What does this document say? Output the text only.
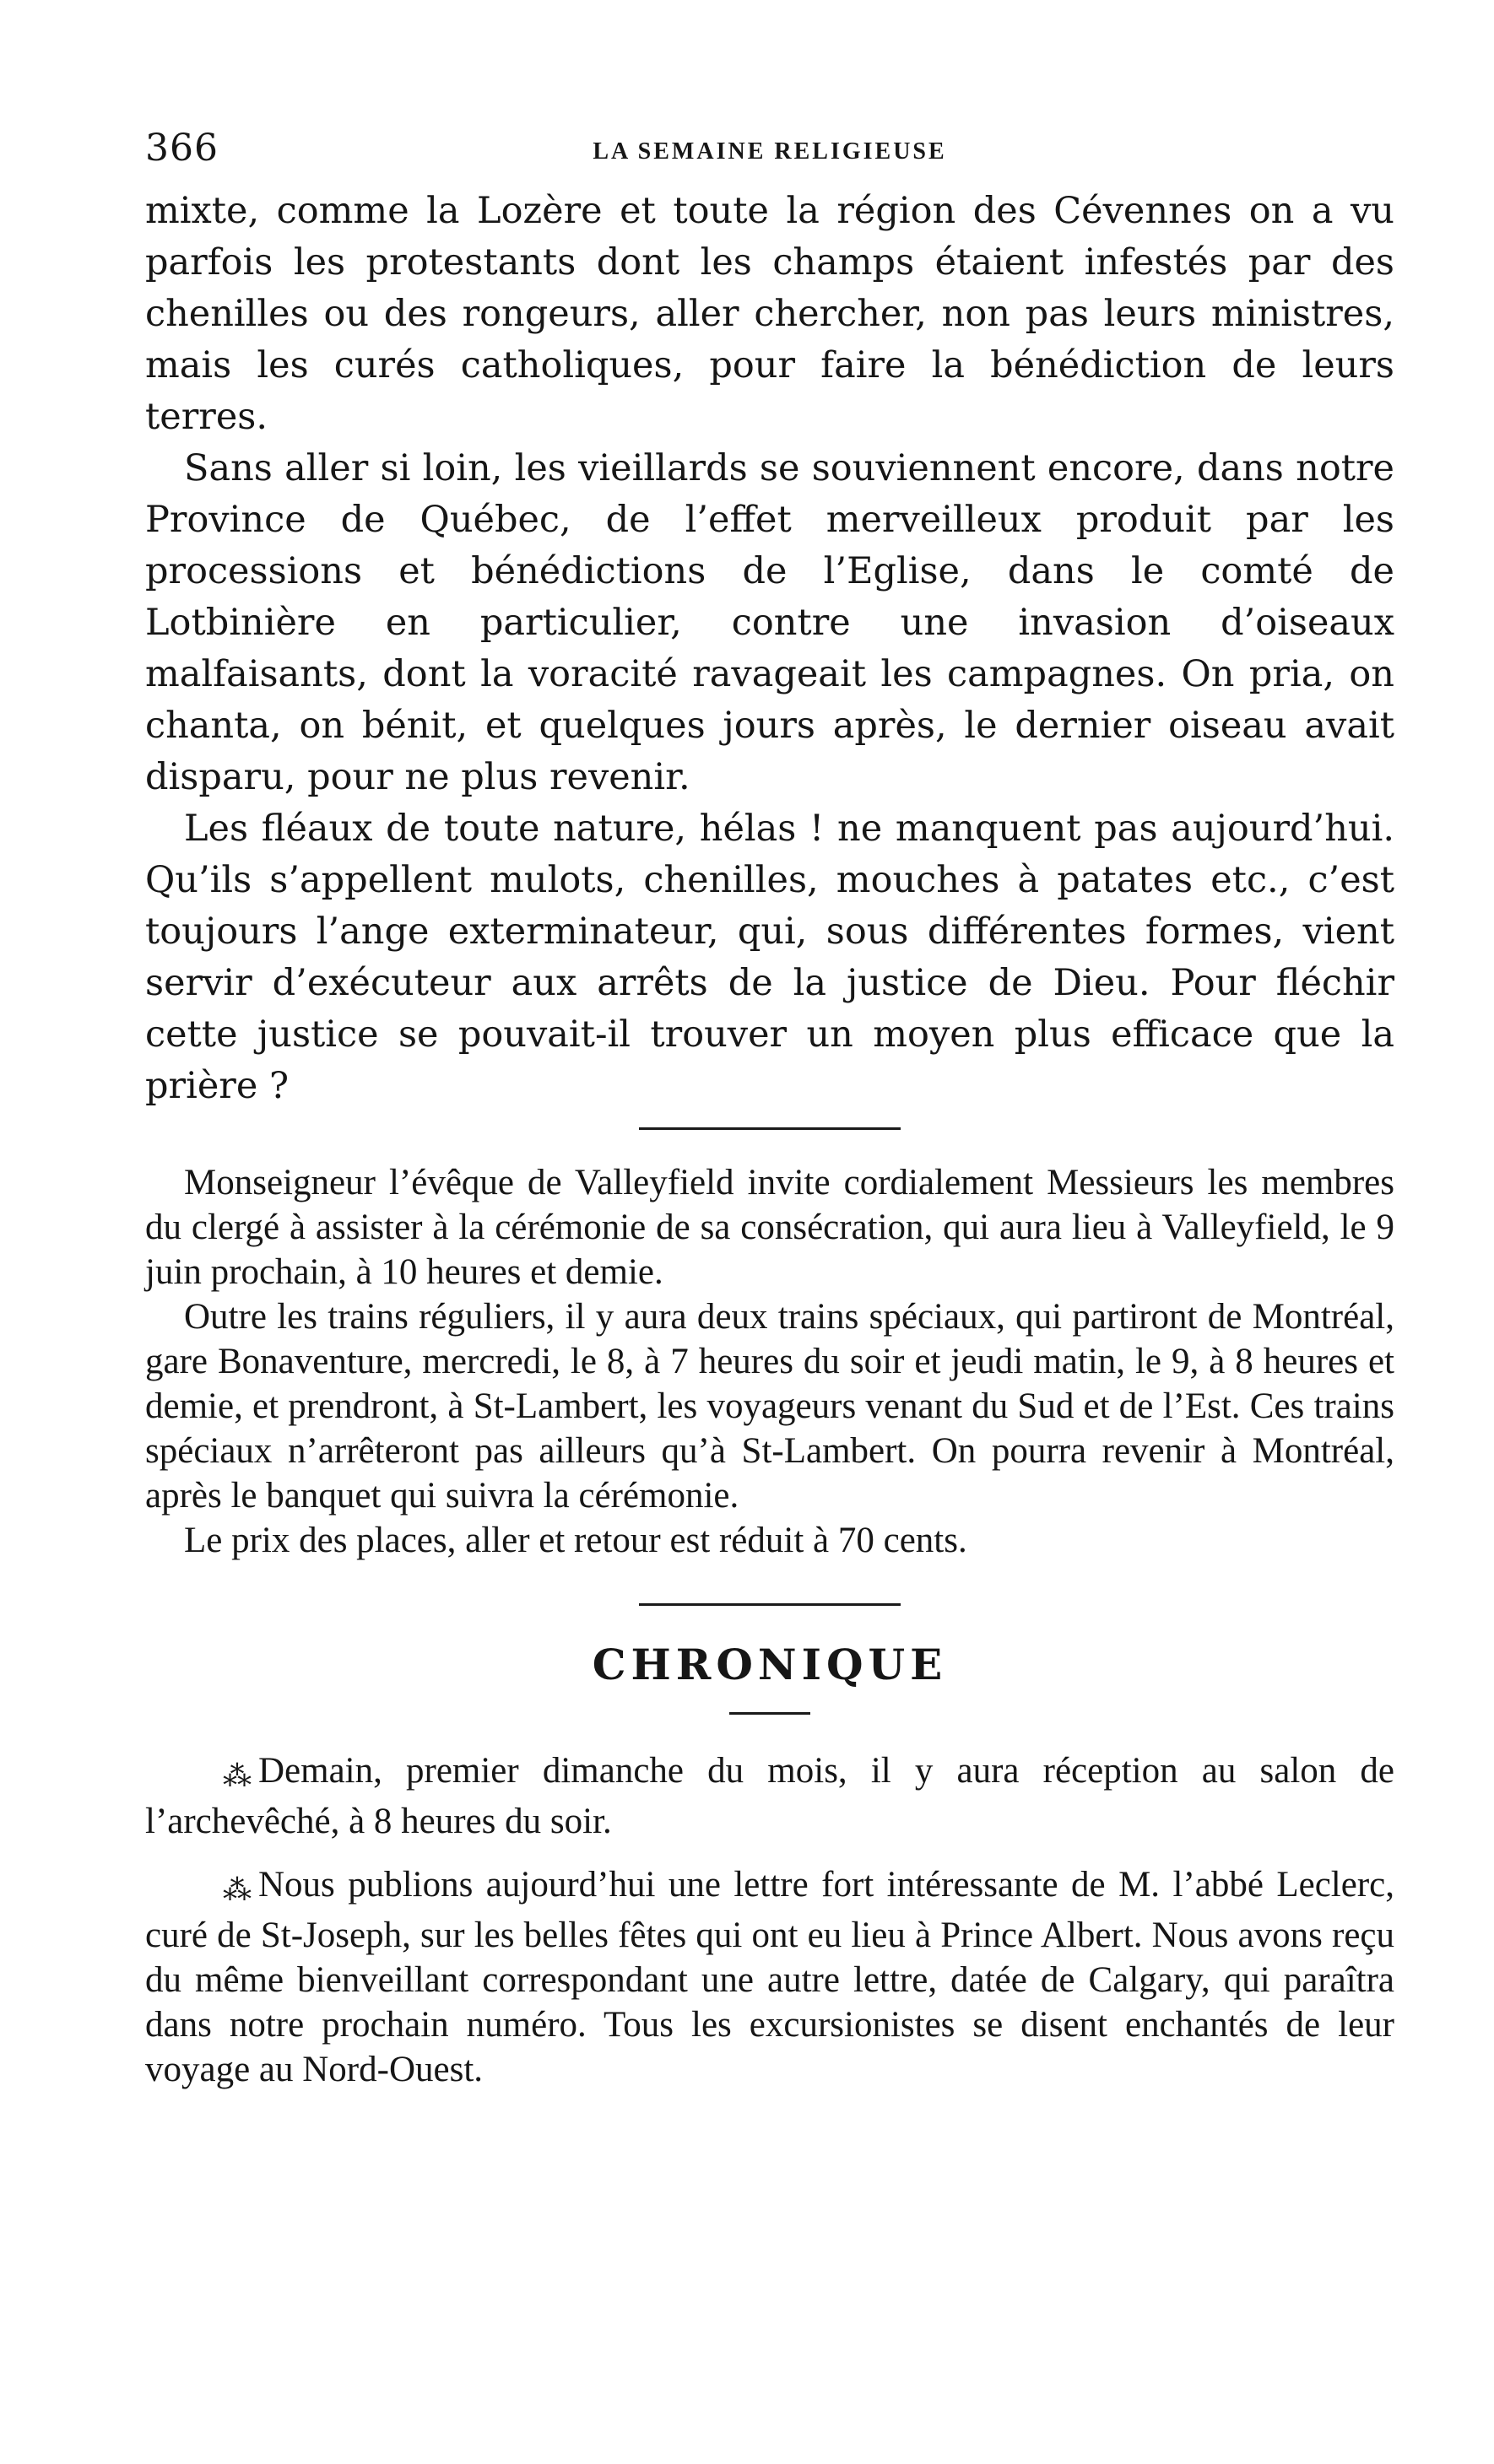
366	LA SEMAINE RELIGIEUSE

mixte, comme la Lozère et toute la région des Cévennes on a vu parfois les protestants dont les champs étaient infestés par des chenilles ou des rongeurs, aller chercher, non pas leurs ministres, mais les curés catholiques, pour faire la bénédiction de leurs terres.

Sans aller si loin, les vieillards se souviennent encore, dans notre Province de Québec, de l’effet merveilleux produit par les processions et bénédictions de l’Eglise, dans le comté de Lotbinière en particulier, contre une invasion d’oiseaux malfaisants, dont la voracité ravageait les campagnes. On pria, on chanta, on bénit, et quelques jours après, le dernier oiseau avait disparu, pour ne plus revenir.

Les fléaux de toute nature, hélas ! ne manquent pas aujourd’hui. Qu’ils s’appellent mulots, chenilles, mouches à patates etc., c’est toujours l’ange exterminateur, qui, sous différentes formes, vient servir d’exécuteur aux arrêts de la justice de Dieu. Pour fléchir cette justice se pouvait-il trouver un moyen plus efficace que la prière ?

Monseigneur l’évêque de Valleyfield invite cordialement Messieurs les membres du clergé à assister à la cérémonie de sa consécration, qui aura lieu à Valleyfield, le 9 juin prochain, à 10 heures et demie.

Outre les trains réguliers, il y aura deux trains spéciaux, qui partiront de Montréal, gare Bonaventure, mercredi, le 8, à 7 heures du soir et jeudi matin, le 9, à 8 heures et demie, et prendront, à St-Lambert, les voyageurs venant du Sud et de l’Est. Ces trains spéciaux n’arrêteront pas ailleurs qu’à St-Lambert. On pourra revenir à Montréal, après le banquet qui suivra la cérémonie.

Le prix des places, aller et retour est réduit à 70 cents.

CHRONIQUE

⁂ Demain, premier dimanche du mois, il y aura réception au salon de l’archevêché, à 8 heures du soir.

⁂ Nous publions aujourd’hui une lettre fort intéressante de M. l’abbé Leclerc, curé de St-Joseph, sur les belles fêtes qui ont eu lieu à Prince Albert. Nous avons reçu du même bienveillant correspondant une autre lettre, datée de Calgary, qui paraîtra dans notre prochain numéro. Tous les excursionistes se disent enchantés de leur voyage au Nord-Ouest.
